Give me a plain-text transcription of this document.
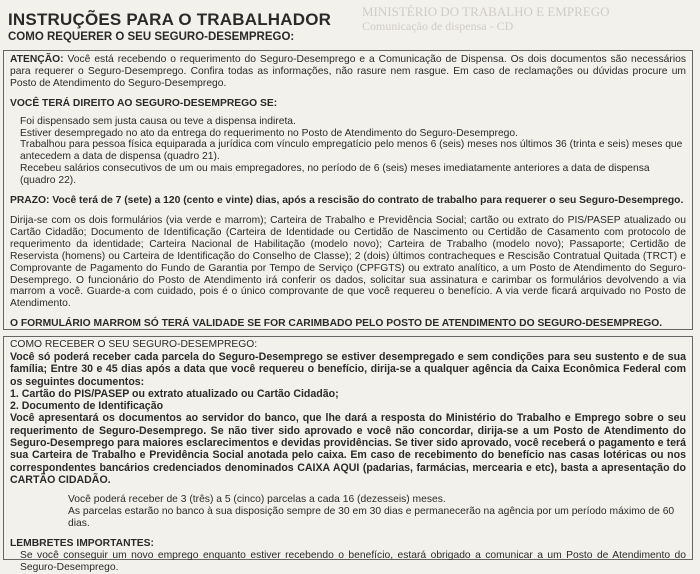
MINISTÉRIO DO TRABALHO E EMPREGO
Comunicação de dispensa - CD
INSTRUÇÕES PARA O TRABALHADOR
COMO REQUERER O SEU SEGURO-DESEMPREGO:

ATENÇÃO: Você está recebendo o requerimento do Seguro-Desemprego e a Comunicação de Dispensa. Os dois documentos são necessários para requerer o Seguro-Desemprego. Confira todas as informações, não rasure nem rasgue. Em caso de reclamações ou dúvidas procure um Posto de Atendimento do Seguro-Desemprego.

VOCÊ TERÁ DIREITO AO SEGURO-DESEMPREGO SE:

Foi dispensado sem justa causa ou teve a dispensa indireta.
Estiver desempregado no ato da entrega do requerimento no Posto de Atendimento do Seguro-Desemprego.
Trabalhou para pessoa física equiparada a jurídica com vínculo empregatício pelo menos 6 (seis) meses nos últimos 36 (trinta e seis) meses que antecedem a data de dispensa (quadro 21).
Recebeu salários consecutivos de um ou mais empregadores, no período de 6 (seis) meses imediatamente anteriores a data de dispensa (quadro 22).

PRAZO: Você terá de 7 (sete) a 120 (cento e vinte) dias, após a rescisão do contrato de trabalho para requerer o seu Seguro-Desemprego.

Dirija-se com os dois formulários (via verde e marrom); Carteira de Trabalho e Previdência Social; cartão ou extrato do PIS/PASEP atualizado ou Cartão Cidadão; Documento de Identificação (Carteira de Identidade ou Certidão de Nascimento ou Certidão de Casamento com protocolo de requerimento da identidade; Carteira Nacional de Habilitação (modelo novo); Carteira de Trabalho (modelo novo); Passaporte; Certidão de Reservista (homens) ou Carteira de Identificação do Conselho de Classe); 2 (dois) últimos contracheques e Rescisão Contratual Quitada (TRCT) e Comprovante de Pagamento do Fundo de Garantia por Tempo de Serviço (CPFGTS) ou extrato analítico, a um Posto de Atendimento do Seguro-Desemprego. O funcionário do Posto de Atendimento irá conferir os dados, solicitar sua assinatura e carimbar os formulários devolvendo a via marrom a você. Guarde-a com cuidado, pois é o único comprovante de que você requereu o benefício. A via verde ficará arquivado no Posto de Atendimento.

O FORMULÁRIO MARROM SÓ TERÁ VALIDADE SE FOR CARIMBADO PELO POSTO DE ATENDIMENTO DO SEGURO-DESEMPREGO.

COMO RECEBER O SEU SEGURO-DESEMPREGO:

Você só poderá receber cada parcela do Seguro-Desemprego se estiver desempregado e sem condições para seu sustento e de sua família; Entre 30 e 45 dias após a data que você requereu o benefício, dirija-se a qualquer agência da Caixa Econômica Federal com os seguintes documentos:

1. Cartão do PIS/PASEP ou extrato atualizado ou Cartão Cidadão;

2. Documento de Identificação

Você apresentará os documentos ao servidor do banco, que lhe dará a resposta do Ministério do Trabalho e Emprego sobre o seu requerimento de Seguro-Desemprego. Se não tiver sido aprovado e você não concordar, dirija-se a um Posto de Atendimento do Seguro-Desemprego para maiores esclarecimentos e devidas providências. Se tiver sido aprovado, você receberá o pagamento e terá sua Carteira de Trabalho e Previdência Social anotada pelo caixa. Em caso de recebimento do benefício nas casas lotéricas ou nos correspondentes bancários credenciados denominados CAIXA AQUI (padarias, farmácias, mercearia e etc), basta a apresentação do CARTÃO CIDADÃO.

Você poderá receber de 3 (três) a 5 (cinco) parcelas a cada 16 (dezesseis) meses.

As parcelas estarão no banco à sua disposição sempre de 30 em 30 dias e permanecerão na agência por um período máximo de 60 dias.

LEMBRETES IMPORTANTES:

Se você conseguir um novo emprego enquanto estiver recebendo o benefício, estará obrigado a comunicar a um Posto de Atendimento do Seguro-Desemprego.
